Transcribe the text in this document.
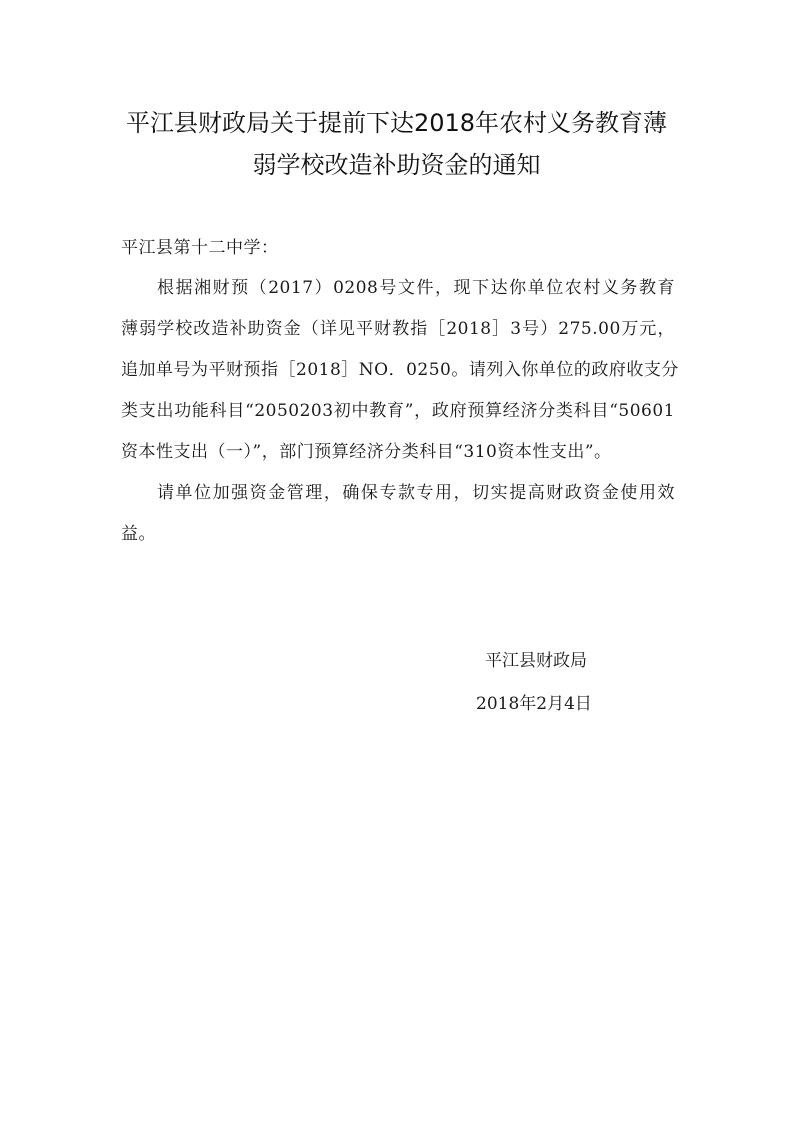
平江县财政局关于提前下达2018年农村义务教育薄
弱学校改造补助资金的通知
平江县第十二中学：
根据湘财预（2017）0208号文件，现下达你单位农村义务教育
薄弱学校改造补助资金（详见平财教指［2018］3号）275.00万元，
追加单号为平财预指［2018］NO．0250。请列入你单位的政府收支分
类支出功能科目“2050203初中教育”，政府预算经济分类科目“50601
资本性支出（一）”，部门预算经济分类科目“310资本性支出”。
请单位加强资金管理，确保专款专用，切实提高财政资金使用效
益。
平江县财政局
2018年2月4日
